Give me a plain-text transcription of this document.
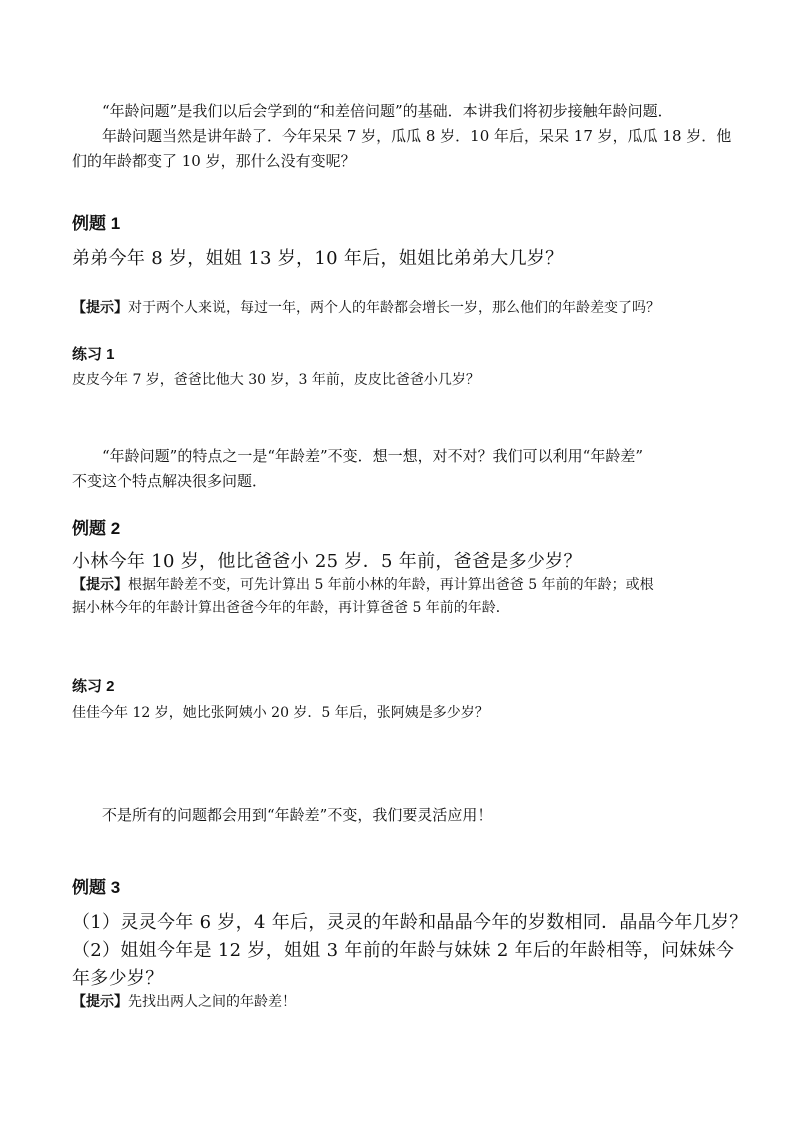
“年龄问题”是我们以后会学到的“和差倍问题”的基础．本讲我们将初步接触年龄问题．
年龄问题当然是讲年龄了．今年呆呆 7 岁，瓜瓜 8 岁．10 年后，呆呆 17 岁，瓜瓜 18 岁．他
们的年龄都变了 10 岁，那什么没有变呢？
例题 1
弟弟今年 8 岁，姐姐 13 岁，10 年后，姐姐比弟弟大几岁？
【提示】对于两个人来说，每过一年，两个人的年龄都会增长一岁，那么他们的年龄差变了吗？
练习 1
皮皮今年 7 岁，爸爸比他大 30 岁，3 年前，皮皮比爸爸小几岁？
“年龄问题”的特点之一是“年龄差”不变．想一想，对不对？我们可以利用“年龄差”
不变这个特点解决很多问题．
例题 2
小林今年 10 岁，他比爸爸小 25 岁．5 年前，爸爸是多少岁？
【提示】根据年龄差不变，可先计算出 5 年前小林的年龄，再计算出爸爸 5 年前的年龄；或根
据小林今年的年龄计算出爸爸今年的年龄，再计算爸爸 5 年前的年龄．
练习 2
佳佳今年 12 岁，她比张阿姨小 20 岁．5 年后，张阿姨是多少岁？
不是所有的问题都会用到“年龄差”不变，我们要灵活应用！
例题 3
（1）灵灵今年 6 岁，4 年后，灵灵的年龄和晶晶今年的岁数相同．晶晶今年几岁？
（2）姐姐今年是 12 岁，姐姐 3 年前的年龄与妹妹 2 年后的年龄相等，问妹妹今
年多少岁？
【提示】先找出两人之间的年龄差！
